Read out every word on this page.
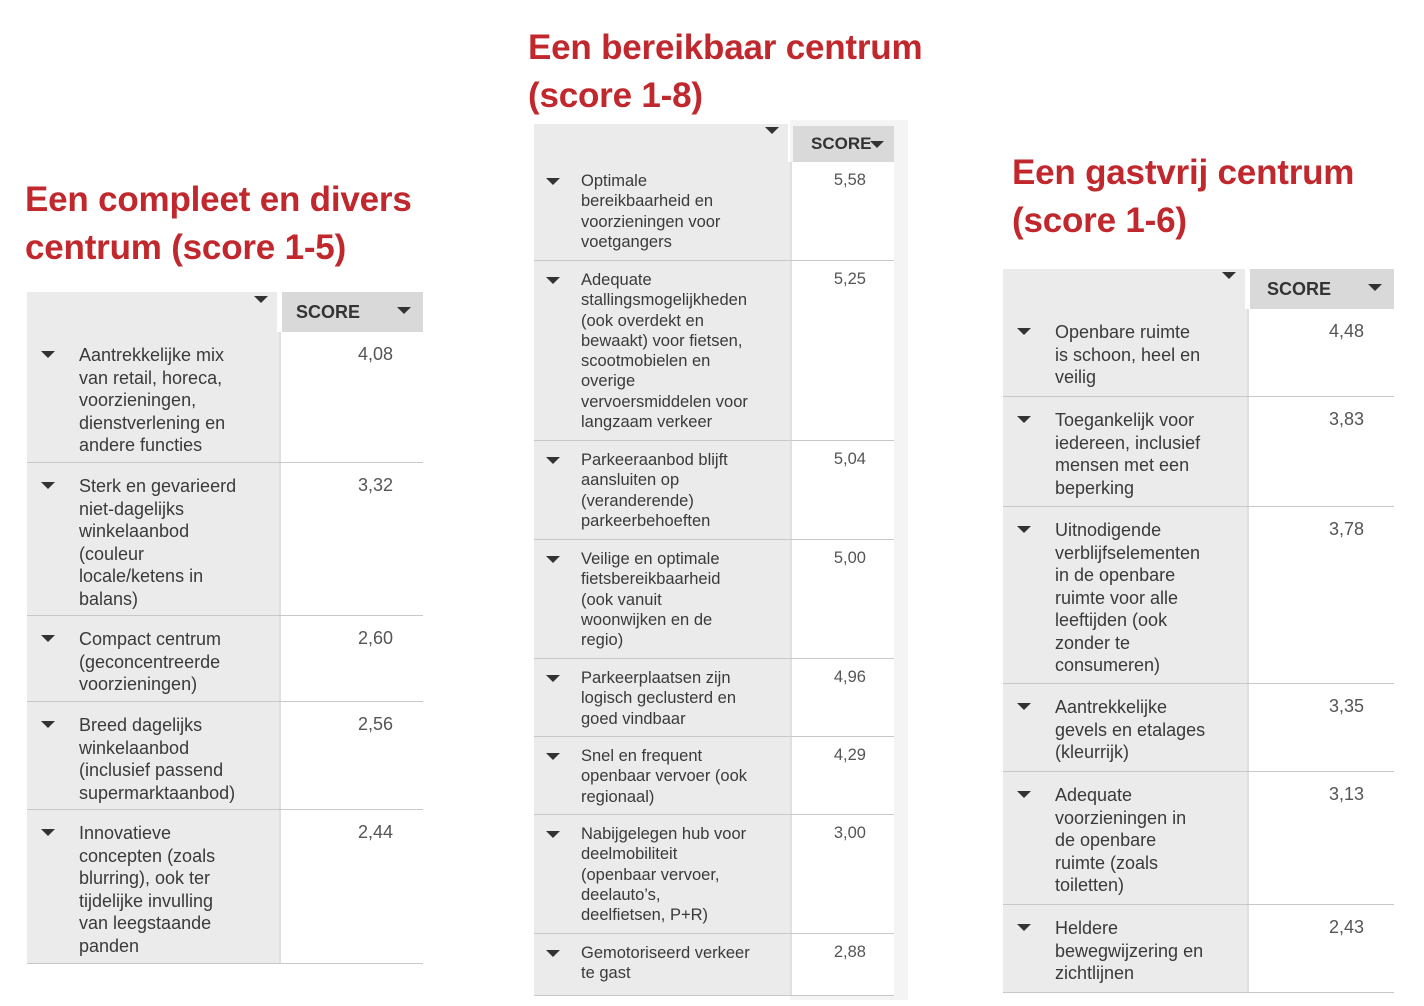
Een compleet en divers
centrum (score 1-5)
SCORE
Aantrekkelijke mix
van retail, horeca,
voorzieningen,
dienstverlening en
andere functies
4,08
Sterk en gevarieerd
niet-dagelijks
winkelaanbod
(couleur
locale/ketens in
balans)
3,32
Compact centrum
(geconcentreerde
voorzieningen)
2,60
Breed dagelijks
winkelaanbod
(inclusief passend
supermarktaanbod)
2,56
Innovatieve
concepten (zoals
blurring), ook ter
tijdelijke invulling
van leegstaande
panden
2,44
Een bereikbaar centrum
(score 1-8)
SCORE
Optimale
bereikbaarheid en
voorzieningen voor
voetgangers
5,58
Adequate
stallingsmogelijkheden
(ook overdekt en
bewaakt) voor fietsen,
scootmobielen en
overige
vervoersmiddelen voor
langzaam verkeer
5,25
Parkeeraanbod blijft
aansluiten op
(veranderende)
parkeerbehoeften
5,04
Veilige en optimale
fietsbereikbaarheid
(ook vanuit
woonwijken en de
regio)
5,00
Parkeerplaatsen zijn
logisch geclusterd en
goed vindbaar
4,96
Snel en frequent
openbaar vervoer (ook
regionaal)
4,29
Nabijgelegen hub voor
deelmobiliteit
(openbaar vervoer,
deelauto’s,
deelfietsen, P+R)
3,00
Gemotoriseerd verkeer
te gast
2,88
Een gastvrij centrum
(score 1-6)
SCORE
Openbare ruimte
is schoon, heel en
veilig
4,48
Toegankelijk voor
iedereen, inclusief
mensen met een
beperking
3,83
Uitnodigende
verblijfselementen
in de openbare
ruimte voor alle
leeftijden (ook
zonder te
consumeren)
3,78
Aantrekkelijke
gevels en etalages
(kleurrijk)
3,35
Adequate
voorzieningen in
de openbare
ruimte (zoals
toiletten)
3,13
Heldere
bewegwijzering en
zichtlijnen
2,43
